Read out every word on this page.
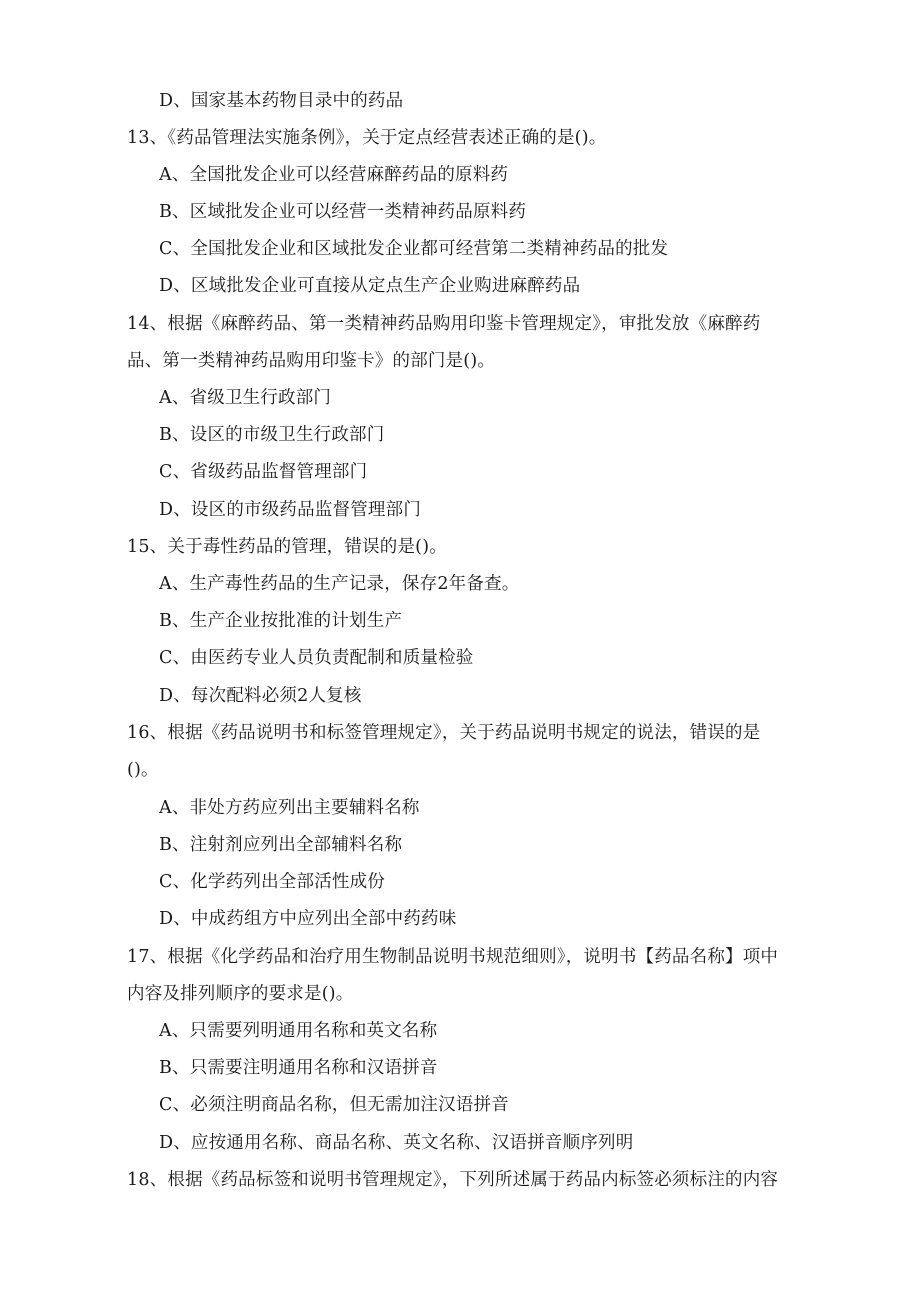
D、国家基本药物目录中的药品
13、《药品管理法实施条例》，关于定点经营表述正确的是()。
A、全国批发企业可以经营麻醉药品的原料药
B、区域批发企业可以经营一类精神药品原料药
C、全国批发企业和区域批发企业都可经营第二类精神药品的批发
D、区域批发企业可直接从定点生产企业购进麻醉药品
14、根据《麻醉药品、第一类精神药品购用印鉴卡管理规定》，审批发放《麻醉药
品、第一类精神药品购用印鉴卡》的部门是()。
A、省级卫生行政部门
B、设区的市级卫生行政部门
C、省级药品监督管理部门
D、设区的市级药品监督管理部门
15、关于毒性药品的管理，错误的是()。
A、生产毒性药品的生产记录，保存2年备查。
B、生产企业按批准的计划生产
C、由医药专业人员负责配制和质量检验
D、每次配料必须2人复核
16、根据《药品说明书和标签管理规定》，关于药品说明书规定的说法，错误的是
()。
A、非处方药应列出主要辅料名称
B、注射剂应列出全部辅料名称
C、化学药列出全部活性成份
D、中成药组方中应列出全部中药药味
17、根据《化学药品和治疗用生物制品说明书规范细则》，说明书【药品名称】项中
内容及排列顺序的要求是()。
A、只需要列明通用名称和英文名称
B、只需要注明通用名称和汉语拼音
C、必须注明商品名称，但无需加注汉语拼音
D、应按通用名称、商品名称、英文名称、汉语拼音顺序列明
18、根据《药品标签和说明书管理规定》，下列所述属于药品内标签必须标注的内容
